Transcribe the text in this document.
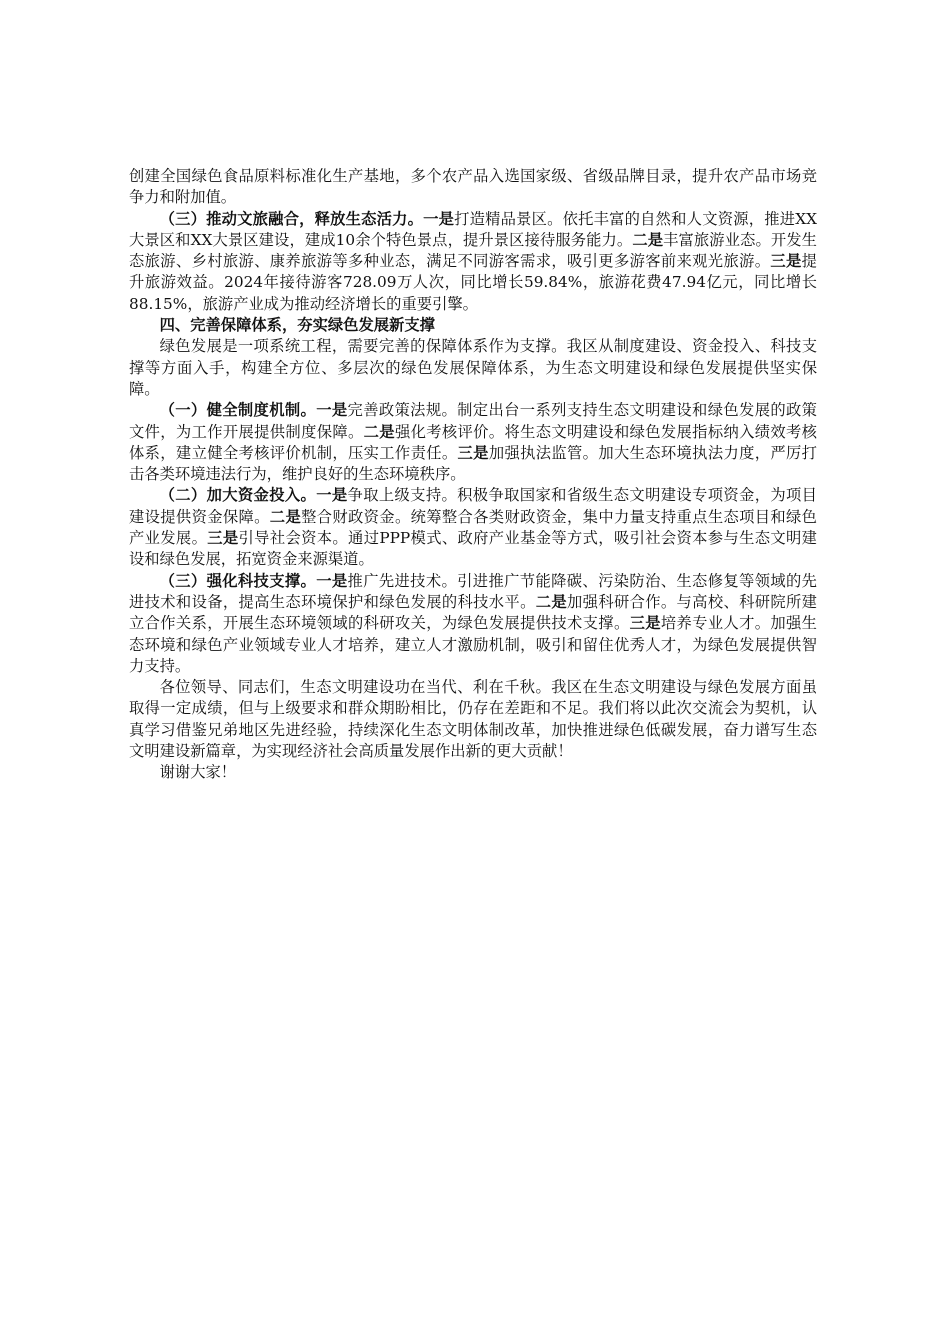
创建全国绿色食品原料标准化生产基地，多个农产品入选国家级、省级品牌目录，提升农产品市场竞争力和附加值。

（三）推动文旅融合，释放生态活力。一是打造精品景区。依托丰富的自然和人文资源，推进XX大景区和XX大景区建设，建成10余个特色景点，提升景区接待服务能力。二是丰富旅游业态。开发生态旅游、乡村旅游、康养旅游等多种业态，满足不同游客需求，吸引更多游客前来观光旅游。三是提升旅游效益。2024年接待游客728.09万人次，同比增长59.84%，旅游花费47.94亿元，同比增长88.15%，旅游产业成为推动经济增长的重要引擎。

四、完善保障体系，夯实绿色发展新支撑

绿色发展是一项系统工程，需要完善的保障体系作为支撑。我区从制度建设、资金投入、科技支撑等方面入手，构建全方位、多层次的绿色发展保障体系，为生态文明建设和绿色发展提供坚实保障。

（一）健全制度机制。一是完善政策法规。制定出台一系列支持生态文明建设和绿色发展的政策文件，为工作开展提供制度保障。二是强化考核评价。将生态文明建设和绿色发展指标纳入绩效考核体系，建立健全考核评价机制，压实工作责任。三是加强执法监管。加大生态环境执法力度，严厉打击各类环境违法行为，维护良好的生态环境秩序。

（二）加大资金投入。一是争取上级支持。积极争取国家和省级生态文明建设专项资金，为项目建设提供资金保障。二是整合财政资金。统筹整合各类财政资金，集中力量支持重点生态项目和绿色产业发展。三是引导社会资本。通过PPP模式、政府产业基金等方式，吸引社会资本参与生态文明建设和绿色发展，拓宽资金来源渠道。

（三）强化科技支撑。一是推广先进技术。引进推广节能降碳、污染防治、生态修复等领域的先进技术和设备，提高生态环境保护和绿色发展的科技水平。二是加强科研合作。与高校、科研院所建立合作关系，开展生态环境领域的科研攻关，为绿色发展提供技术支撑。三是培养专业人才。加强生态环境和绿色产业领域专业人才培养，建立人才激励机制，吸引和留住优秀人才，为绿色发展提供智力支持。

各位领导、同志们，生态文明建设功在当代、利在千秋。我区在生态文明建设与绿色发展方面虽取得一定成绩，但与上级要求和群众期盼相比，仍存在差距和不足。我们将以此次交流会为契机，认真学习借鉴兄弟地区先进经验，持续深化生态文明体制改革，加快推进绿色低碳发展，奋力谱写生态文明建设新篇章，为实现经济社会高质量发展作出新的更大贡献！

谢谢大家！
